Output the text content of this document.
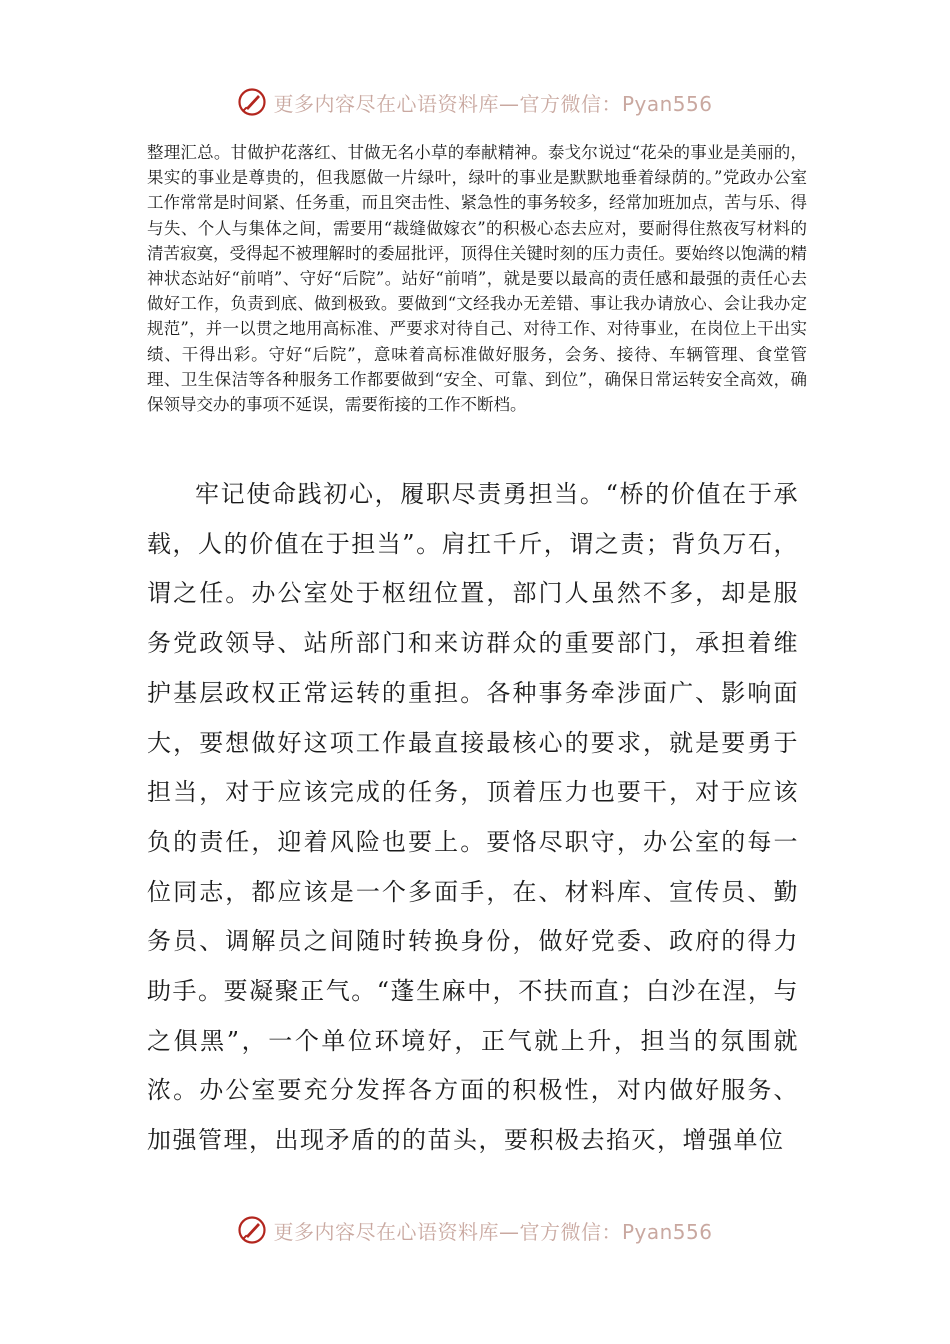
更多内容尽在心语资料库—官方微信：Pyan556

整理汇总。甘做护花落红、甘做无名小草的奉献精神。泰戈尔说过“花朵的事业是美丽的，果实的事业是尊贵的，但我愿做一片绿叶，绿叶的事业是默默地垂着绿荫的。”党政办公室工作常常是时间紧、任务重，而且突击性、紧急性的事务较多，经常加班加点，苦与乐、得与失、个人与集体之间，需要用“裁缝做嫁衣”的积极心态去应对，要耐得住熬夜写材料的清苦寂寞，受得起不被理解时的委屈批评，顶得住关键时刻的压力责任。要始终以饱满的精神状态站好“前哨”、守好“后院”。站好“前哨”，就是要以最高的责任感和最强的责任心去做好工作，负责到底、做到极致。要做到“文经我办无差错、事让我办请放心、会让我办定规范”，并一以贯之地用高标准、严要求对待自己、对待工作、对待事业，在岗位上干出实绩、干得出彩。守好“后院”，意味着高标准做好服务，会务、接待、车辆管理、食堂管理、卫生保洁等各种服务工作都要做到“安全、可靠、到位”，确保日常运转安全高效，确保领导交办的事项不延误，需要衔接的工作不断档。

牢记使命践初心，履职尽责勇担当。“桥的价值在于承载，人的价值在于担当”。肩扛千斤，谓之责；背负万石，谓之任。办公室处于枢纽位置，部门人虽然不多，却是服务党政领导、站所部门和来访群众的重要部门，承担着维护基层政权正常运转的重担。各种事务牵涉面广、影响面大，要想做好这项工作最直接最核心的要求，就是要勇于担当，对于应该完成的任务，顶着压力也要干，对于应该负的责任，迎着风险也要上。要恪尽职守，办公室的每一位同志，都应该是一个多面手，在、材料库、宣传员、勤务员、调解员之间随时转换身份，做好党委、政府的得力助手。要凝聚正气。“蓬生麻中，不扶而直；白沙在涅，与之俱黑”，一个单位环境好，正气就上升，担当的氛围就浓。办公室要充分发挥各方面的积极性，对内做好服务、加强管理，出现矛盾的的苗头，要积极去掐灭，增强单位

更多内容尽在心语资料库—官方微信：Pyan556
